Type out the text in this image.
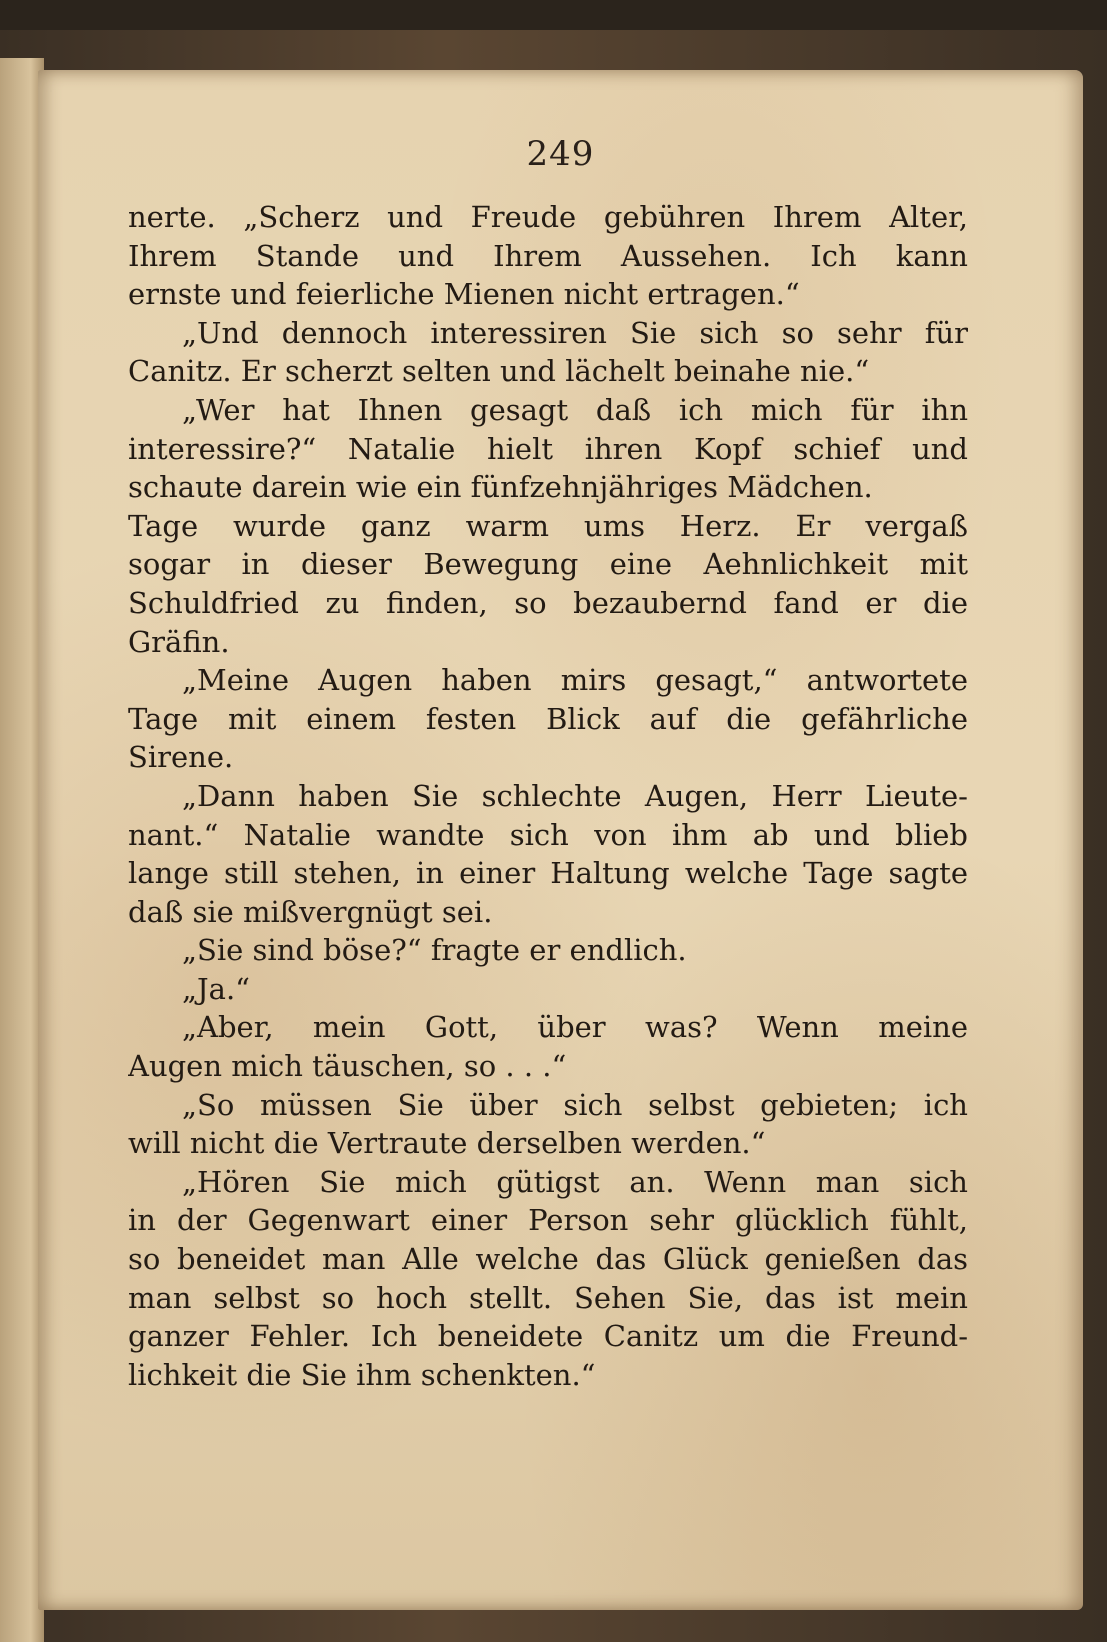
249
nerte. „Scherz und Freude gebühren Ihrem Alter,
Ihrem Stande und Ihrem Aussehen. Ich kann
ernste und feierliche Mienen nicht ertragen.“
„Und dennoch interessiren Sie sich so sehr für
Canitz. Er scherzt selten und lächelt beinahe nie.“
„Wer hat Ihnen gesagt daß ich mich für ihn
interessire?“ Natalie hielt ihren Kopf schief und
schaute darein wie ein fünfzehnjähriges Mädchen.
Tage wurde ganz warm ums Herz. Er vergaß
sogar in dieser Bewegung eine Aehnlichkeit mit
Schuldfried zu finden, so bezaubernd fand er die
Gräfin.
„Meine Augen haben mirs gesagt,“ antwortete
Tage mit einem festen Blick auf die gefährliche
Sirene.
„Dann haben Sie schlechte Augen, Herr Lieute-
nant.“ Natalie wandte sich von ihm ab und blieb
lange still stehen, in einer Haltung welche Tage sagte
daß sie mißvergnügt sei.
„Sie sind böse?“ fragte er endlich.
„Ja.“
„Aber, mein Gott, über was? Wenn meine
Augen mich täuschen, so . . .“
„So müssen Sie über sich selbst gebieten; ich
will nicht die Vertraute derselben werden.“
„Hören Sie mich gütigst an. Wenn man sich
in der Gegenwart einer Person sehr glücklich fühlt,
so beneidet man Alle welche das Glück genießen das
man selbst so hoch stellt. Sehen Sie, das ist mein
ganzer Fehler. Ich beneidete Canitz um die Freund-
lichkeit die Sie ihm schenkten.“
